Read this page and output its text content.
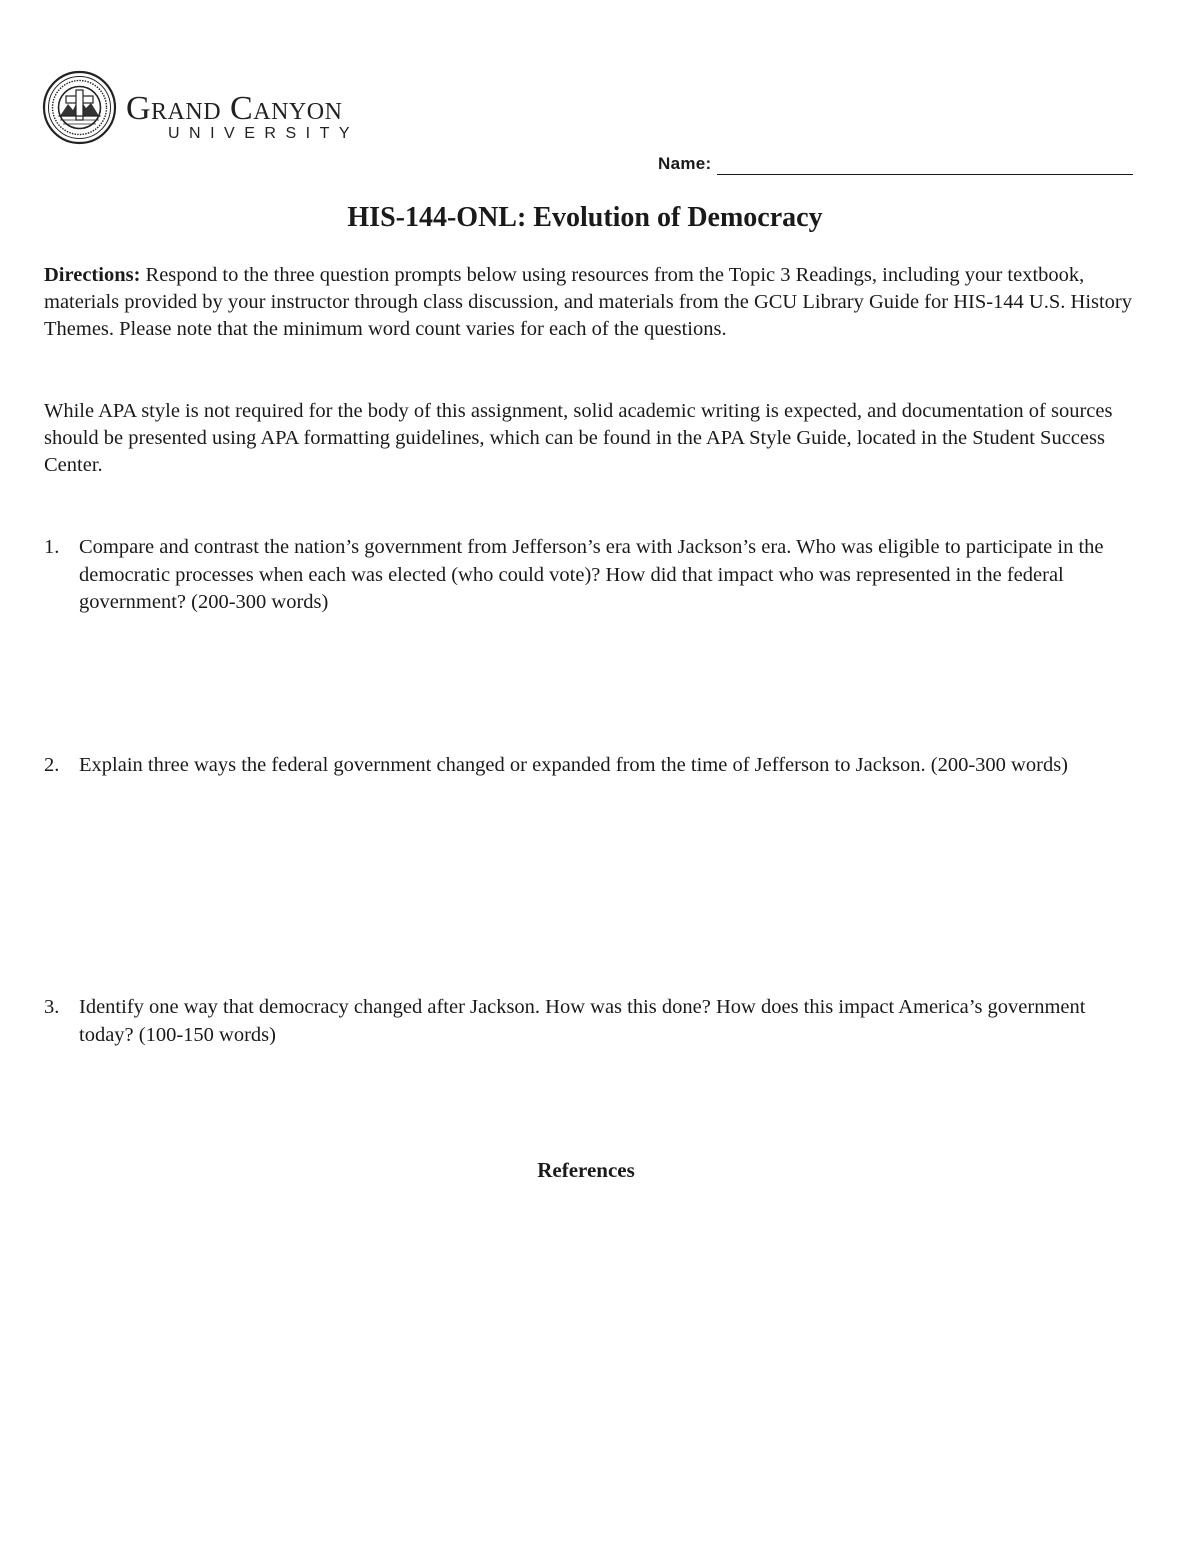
Grand Canyon
UNIVERSITY
Name:
HIS-144-ONL: Evolution of Democracy

Directions: Respond to the three question prompts below using resources from the Topic 3 Readings, including your textbook, materials provided by your instructor through class discussion, and materials from the GCU Library Guide for HIS-144 U.S. History Themes. Please note that the minimum word count varies for each of the questions.

While APA style is not required for the body of this assignment, solid academic writing is expected, and documentation of sources should be presented using APA formatting guidelines, which can be found in the APA Style Guide, located in the Student Success Center.

1. Compare and contrast the nation’s government from Jefferson’s era with Jackson’s era. Who was eligible to participate in the democratic processes when each was elected (who could vote)? How did that impact who was represented in the federal government? (200-300 words)
2. Explain three ways the federal government changed or expanded from the time of Jefferson to Jackson. (200-300 words)
3. Identify one way that democracy changed after Jackson. How was this done? How does this impact America’s government today? (100-150 words)
References
